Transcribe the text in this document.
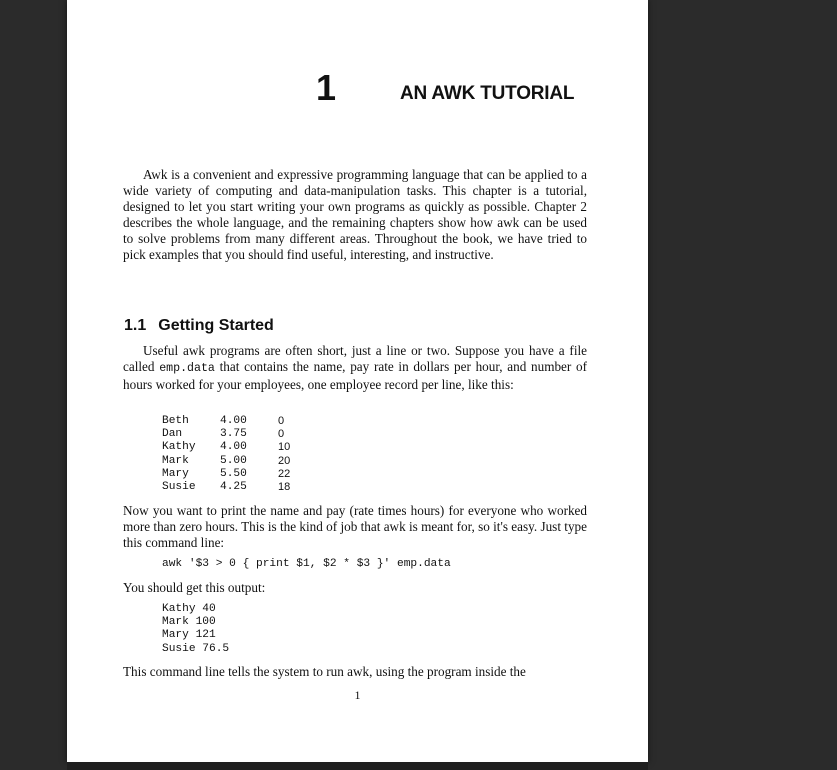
1	AN AWK TUTORIAL

Awk is a convenient and expressive programming language that can be applied to a wide variety of computing and data-manipulation tasks. This chapter is a tutorial, designed to let you start writing your own programs as quickly as possible. Chapter 2 describes the whole language, and the remaining chapters show how awk can be used to solve problems from many different areas. Throughout the book, we have tried to pick examples that you should find useful, interesting, and instructive.

1.1 Getting Started

Useful awk programs are often short, just a line or two. Suppose you have a file called emp.data that contains the name, pay rate in dollars per hour, and number of hours worked for your employees, one employee record per line, like this:

Beth	4.00	0
Dan	3.75	0
Kathy	4.00	10
Mark	5.00	20
Mary	5.50	22
Susie	4.25	18

Now you want to print the name and pay (rate times hours) for everyone who worked more than zero hours. This is the kind of job that awk is meant for, so it's easy. Just type this command line:

awk '$3 > 0 { print $1, $2 * $3 }' emp.data

You should get this output:

Kathy 40
Mark 100
Mary 121
Susie 76.5

This command line tells the system to run awk, using the program inside the

1
